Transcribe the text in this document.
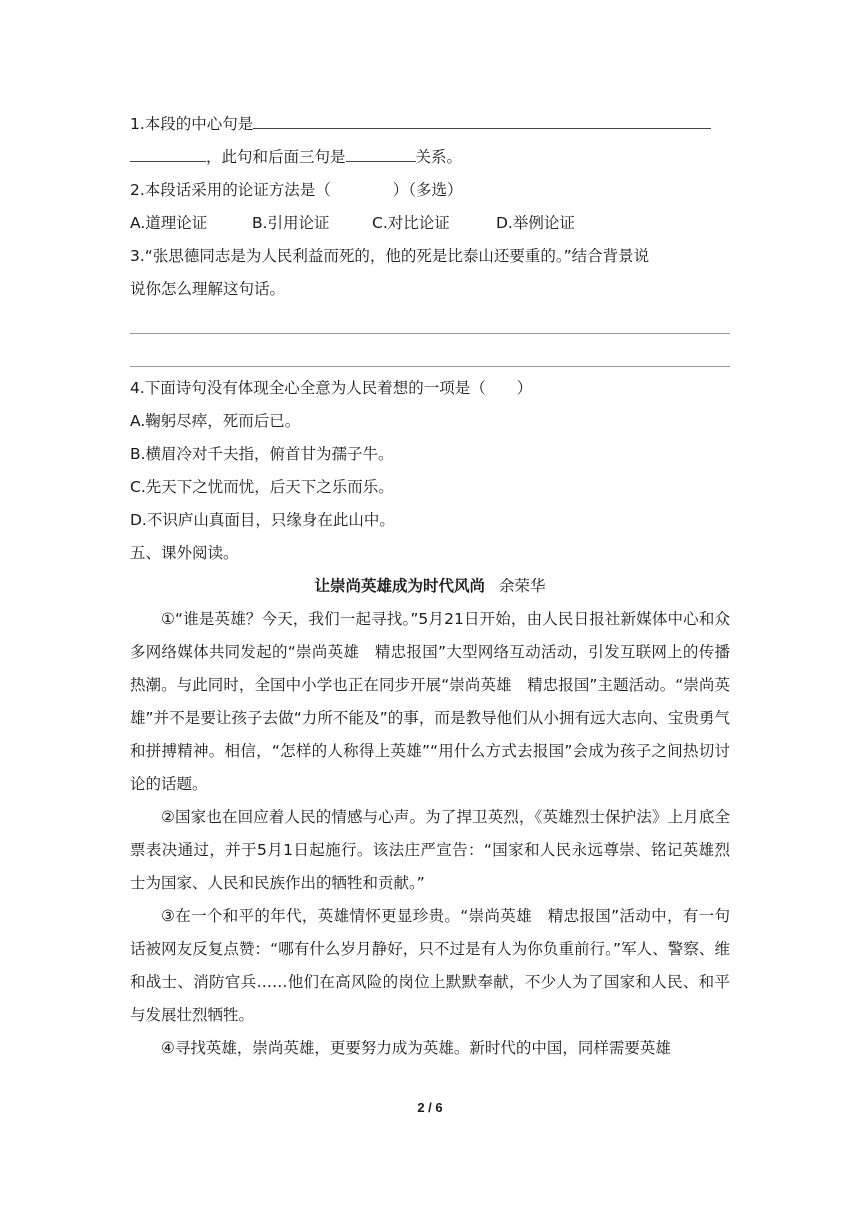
1.本段的中心句是
，此句和后面三句是	关系。
2.本段话采用的论证方法是（　　　　）（多选）
A.道理论证	B.引用论证	C.对比论证	D.举例论证
3.“张思德同志是为人民利益而死的，他的死是比泰山还要重的。”结合背景说
说你怎么理解这句话。
4.下面诗句没有体现全心全意为人民着想的一项是（　　）
A.鞠躬尽瘁，死而后已。
B.横眉冷对千夫指，俯首甘为孺子牛。
C.先天下之忧而忧，后天下之乐而乐。
D.不识庐山真面目，只缘身在此山中。
五、课外阅读。
让崇尚英雄成为时代风尚 余荣华

①“谁是英雄？今天，我们一起寻找。”5月21日开始，由人民日报社新媒体中心和众多网络媒体共同发起的“崇尚英雄　精忠报国”大型网络互动活动，引发互联网上的传播热潮。与此同时，全国中小学也正在同步开展“崇尚英雄　精忠报国”主题活动。“崇尚英雄”并不是要让孩子去做“力所不能及”的事，而是教导他们从小拥有远大志向、宝贵勇气和拼搏精神。相信，“怎样的人称得上英雄”“用什么方式去报国”会成为孩子之间热切讨论的话题。

②国家也在回应着人民的情感与心声。为了捍卫英烈，《英雄烈士保护法》上月底全票表决通过，并于5月1日起施行。该法庄严宣告：“国家和人民永远尊崇、铭记英雄烈士为国家、人民和民族作出的牺牲和贡献。”

③在一个和平的年代，英雄情怀更显珍贵。“崇尚英雄　精忠报国”活动中，有一句话被网友反复点赞：“哪有什么岁月静好，只不过是有人为你负重前行。”军人、警察、维和战士、消防官兵……他们在高风险的岗位上默默奉献，不少人为了国家和人民、和平与发展壮烈牺牲。

④寻找英雄，崇尚英雄，更要努力成为英雄。新时代的中国，同样需要英雄

2 / 6
